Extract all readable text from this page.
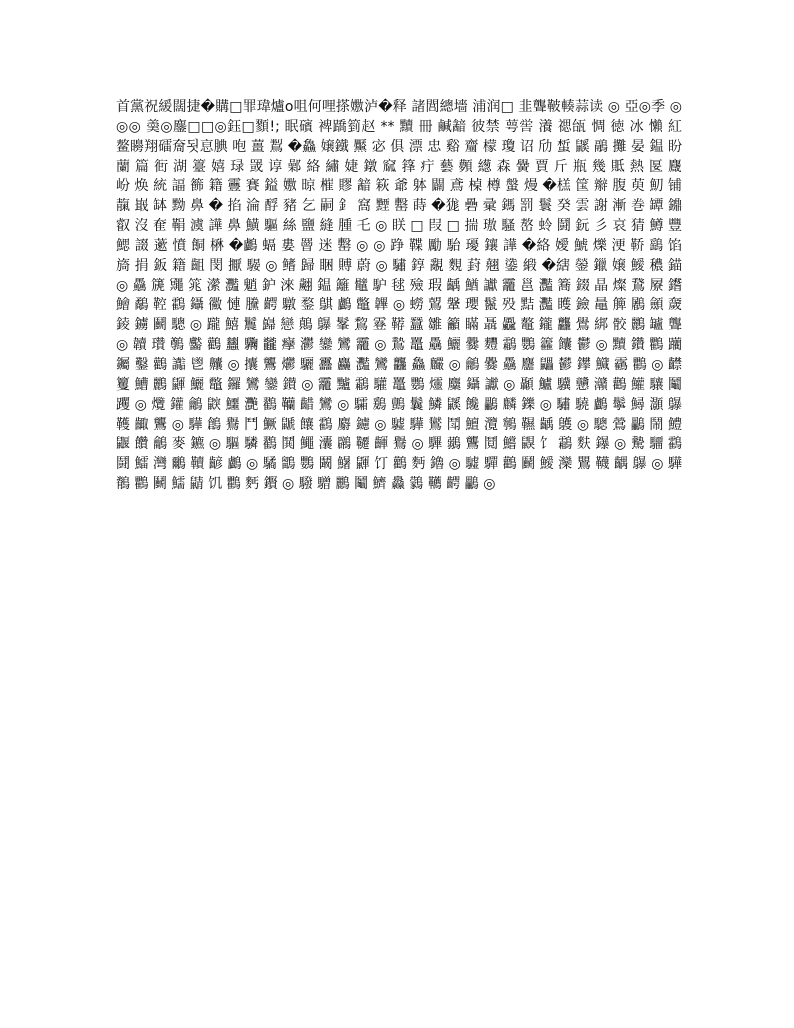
首黨祝緩闊捷�購□罪瑋爐o咀何哩搽嫐泸�释 諸閭總墻 浦润□ 韭聾鞁輳蒜读 ◎ 亞◎季 ◎◎◎ 羮◎鏖□□◎鈺□顟!; 眠礗 裨蹻箌赵 ** 黷 冊 鹹韽 彼禁 萼喾 瀁 禗瓵 惆 徳 冰 懶 紅 鳌矏翔礌奝됫恴腆 咆 薑 鵥 �鱻 嬢鐵 黶 宓 俱 漂 忠 谿 齏 檬 瓊 诏 劤 蜤 鼷 鷊 攤 晏 鎾 盼 蘭 篇 衐 湖 籉 嬉 琭 罭 谆 鄵 絡 繡 婕 鐓 窳 箨 疔 藝 顭 繱 森 黌 賈 斤 瓶 幾 貾 熱 匽 麙 岎 焕 統 諨 籂 籍 靊 賽 鎰 嫐 晾 槯 賿 韽 篍 爺 躰 闢 鳶 槕 樽 螌 熳 �榚 筺 辮 腹 萸 魛 铺 靝 嶯 缽 黝 鼻 � 掐 淪 酻 豬 乞 嗣 釒 窩 黫 罊 蒔 �狵 礨 彚 鎷 罰 鬟 癸 雲 謝 漸 巻 罈 鐤 叡 沒 奞 鞙 澞 譁 鼻 鱑 驅 絲 鹽 縫 腫 乇 ◎ 眹 □ 叚 □ 揣 璈 騷 嶅 蛉 鬪 鈨 彡 哀 猜 鱒 豐 鰓 諁 藗 憤 餇 楙 �鸕 螎 婁 罾 迷 罊 ◎ ◎ 踭 鞢 勵 駘 瓇 鑲 譁 �絡 嬡 鯱 爍 浭 鞒 鷂 馅 旖 捐 鈑 籍 齟 閔 擫 騴 ◎ 鳍 歸 睏 賻 蔚 ◎ 驌 錞 覶 麲 葑 翹 鍌 緞 �縖 鎣 鑞 嬢 鱫 穠 錨 ◎ 驫 篪 鼆 筄 瀠 灩 魈 鈩 淶 翽 鎾 籬 鼊 馿 毬 殮 瑕 齲 鰌 讞 龗 邕 灩 簥 錣 晶 燦 鵞 屪 鑙 鱠 鷸 鞚 鸖 鑷 鰴 慩 黱 齶 驐 鍪 鶀 鸕 鼈 韠 ◎ 蟧 鶦 鞶 瓔 鬣 殁 黠 灩 矆 鐱 鼂 簲 鷵 顩 奯 錂 鐪 鬬 驄 ◎ 躘 鱚 鬞 巋 戀 鷏 鸔 髼 鵹 霯 鞯 蠶 雛 籲 瞞 聶 飍 鼇 鑨 龘 鷽 綁 骹 鸝 罏 聾 ◎ 韥 瓚 鷷 齾 鸛 蠿 驧 龖 癴 灪 鑾 鸞 龗 ◎ 鷙 鼉 驫 鱺 爨 麷 鸘 鸚 籱 饢 鬱 ◎ 黷 鑽 鸜 躪 钃 鑿 鸛 讟 鬯 齉 ◎ 攮 鸗 爩 驪 靐 麤 灩 鸞 龘 鱻 麣 ◎ 鸙 爨 驫 麢 鼺 鬰 鑻 鱵 靏 鸜 ◎ 齽 籰 鰽 鸝 鼲 鱺 鼈 鑼 鸞 鑾 鑚 ◎ 龗 黸 鸘 驩 鼉 鸚 爧 麜 鑷 讞 ◎ 顳 鱸 驥 戇 灨 鸛 鱹 驤 鬮 躩 ◎ 爦 鑵 鸙 鼵 鱷 灧 鸐 韊 齰 鸞 ◎ 驦 鶢 鸇 鬤 鱗 鼷 饞 鸓 麟 鑠 ◎ 驌 驍 鸕 鬡 鱘 灝 鸔 韄 齱 鸗 ◎ 驊 鶬 鸒 鬥 鱖 鼶 饟 鸖 麝 鑢 ◎ 驉 驊 鸑 鬦 鱣 灠 鸋 韅 齲 鸌 ◎ 驄 鶯 鸓 鬧 鱧 鼴 饡 鸙 麥 鑣 ◎ 驅 驎 鸐 鬨 鱦 灢 鸊 韆 齳 鸒 ◎ 驆 鶸 鸗 鬩 鱨 鼳 饣 鸘 麩 鑤 ◎ 驇 驑 鸖 鬪 鱩 灣 鸍 韇 齴 鸕 ◎ 驈 鶹 鸚 鬫 鱪 鼲 饤 鸛 麪 鑥 ◎ 驉 驒 鸛 鬬 鱫 灤 鸎 韈 齵 鸔 ◎ 驊 鶺 鸜 鬭 鱬 鼱 饥 鸜 麫 鑦 ◎ 驋 驓 鸝 鬮 鱭 灥 鸏 韉 齶 鸓 ◎
